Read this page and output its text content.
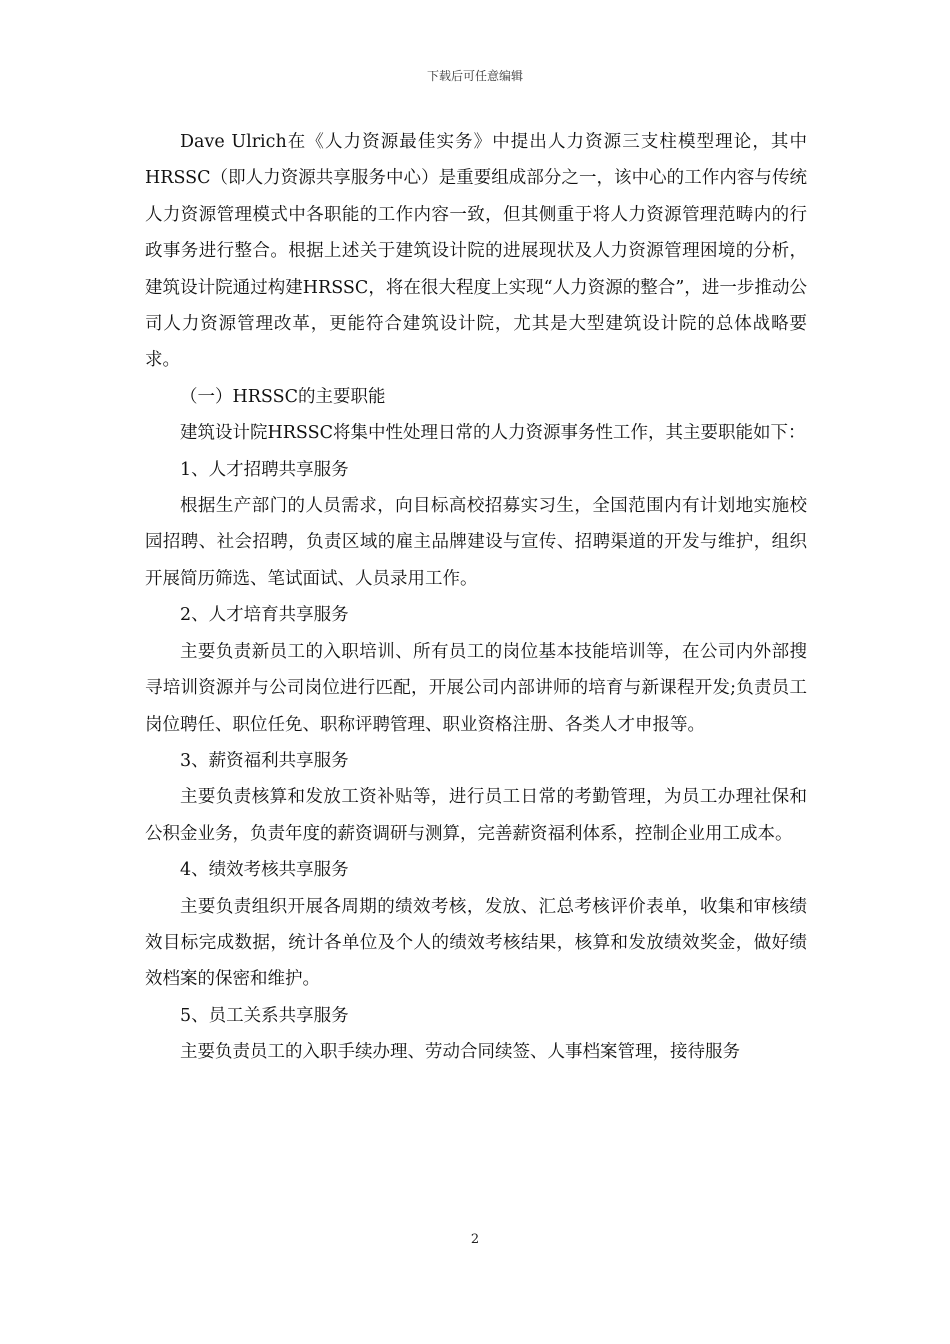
下载后可任意编辑

Dave Ulrich在《人力资源最佳实务》中提出人力资源三支柱模型理论，其中HRSSC（即人力资源共享服务中心）是重要组成部分之一，该中心的工作内容与传统人力资源管理模式中各职能的工作内容一致，但其侧重于将人力资源管理范畴内的行政事务进行整合。根据上述关于建筑设计院的进展现状及人力资源管理困境的分析，建筑设计院通过构建HRSSC，将在很大程度上实现“人力资源的整合”，进一步推动公司人力资源管理改革，更能符合建筑设计院，尤其是大型建筑设计院的总体战略要求。

（一）HRSSC的主要职能

建筑设计院HRSSC将集中性处理日常的人力资源事务性工作，其主要职能如下：

1、人才招聘共享服务

根据生产部门的人员需求，向目标高校招募实习生，全国范围内有计划地实施校园招聘、社会招聘，负责区域的雇主品牌建设与宣传、招聘渠道的开发与维护，组织开展简历筛选、笔试面试、人员录用工作。

2、人才培育共享服务

主要负责新员工的入职培训、所有员工的岗位基本技能培训等，在公司内外部搜寻培训资源并与公司岗位进行匹配，开展公司内部讲师的培育与新课程开发;负责员工岗位聘任、职位任免、职称评聘管理、职业资格注册、各类人才申报等。

3、薪资福利共享服务

主要负责核算和发放工资补贴等，进行员工日常的考勤管理，为员工办理社保和公积金业务，负责年度的薪资调研与测算，完善薪资福利体系，控制企业用工成本。

4、绩效考核共享服务

主要负责组织开展各周期的绩效考核，发放、汇总考核评价表单，收集和审核绩效目标完成数据，统计各单位及个人的绩效考核结果，核算和发放绩效奖金，做好绩效档案的保密和维护。

5、员工关系共享服务

主要负责员工的入职手续办理、劳动合同续签、人事档案管理，接待服务

2
